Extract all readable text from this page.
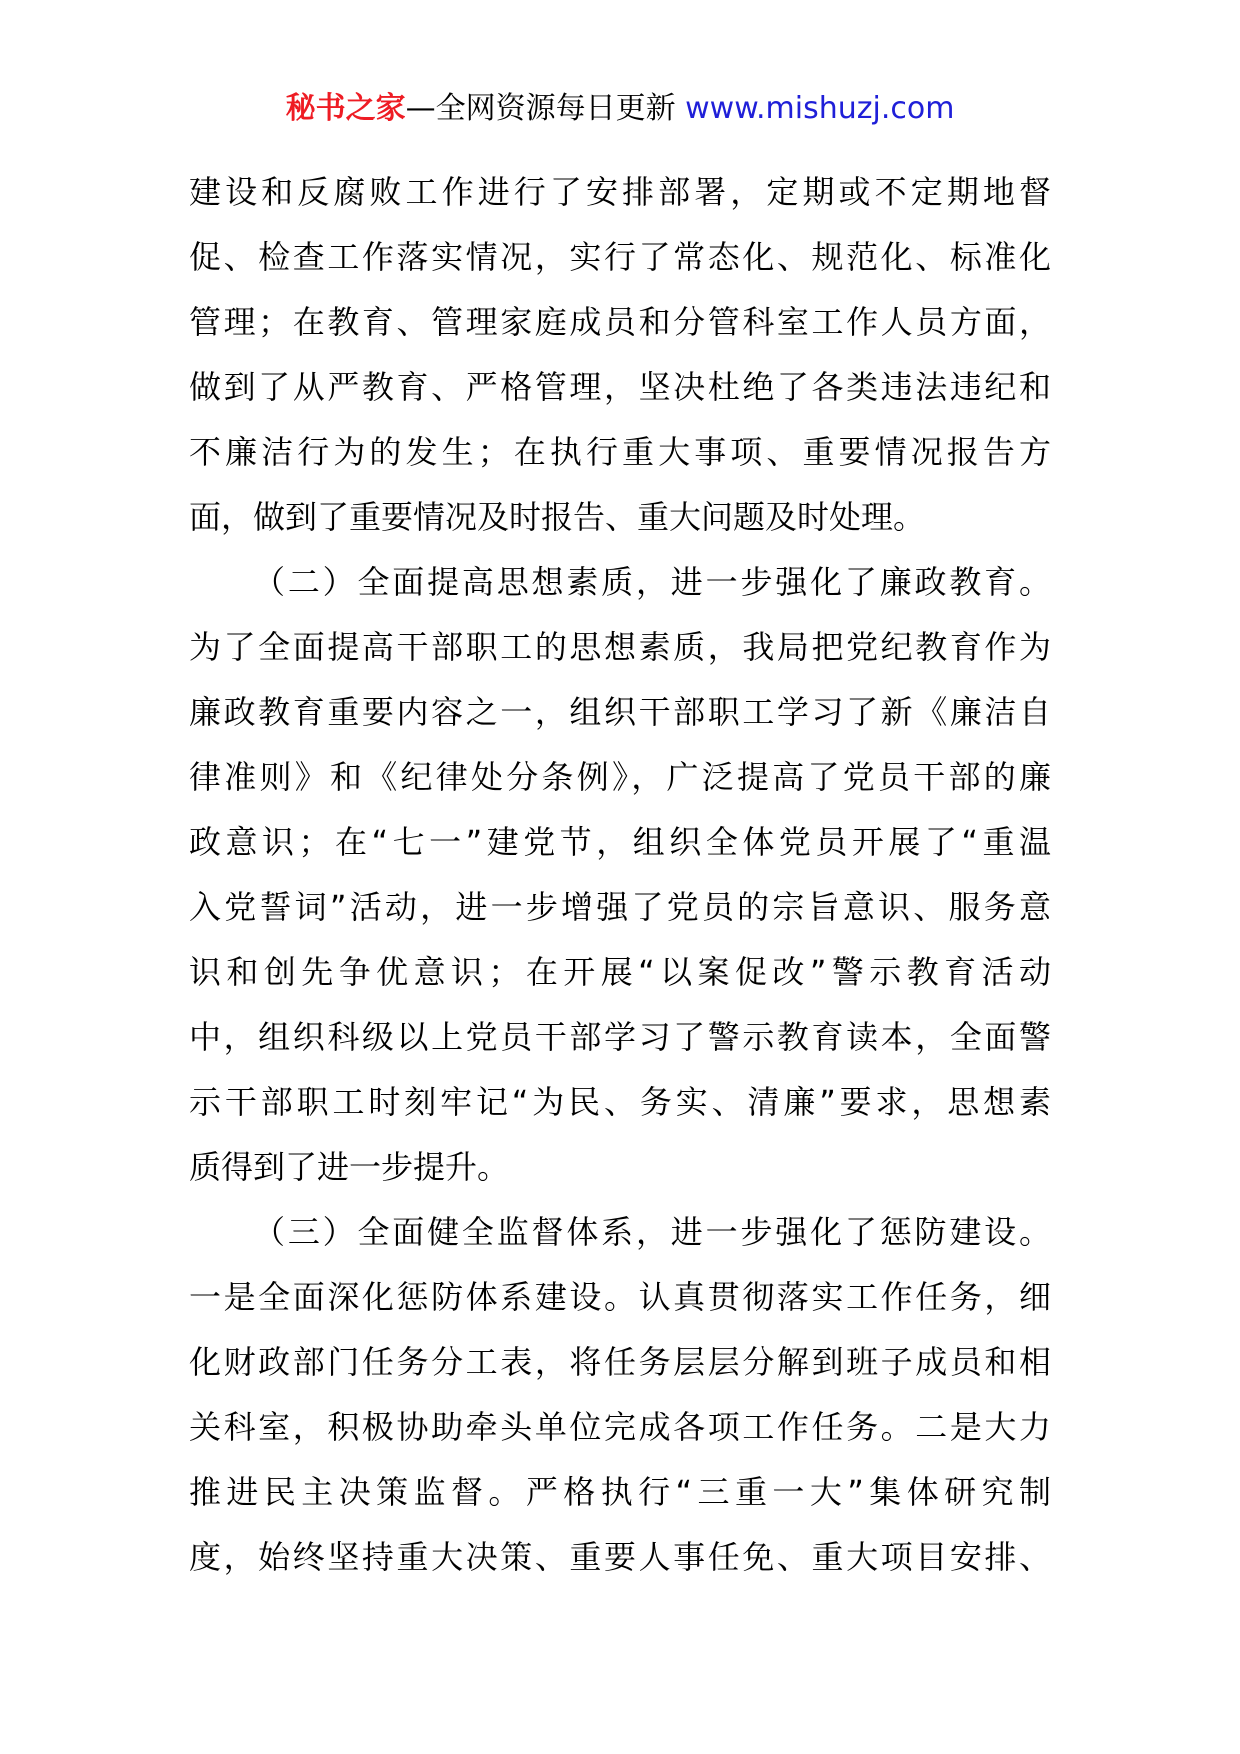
秘书之家—全网资源每日更新 www.mishuzj.com
建设和反腐败工作进行了安排部署，定期或不定期地督
促、检查工作落实情况，实行了常态化、规范化、标准化
管理；在教育、管理家庭成员和分管科室工作人员方面，
做到了从严教育、严格管理，坚决杜绝了各类违法违纪和
不廉洁行为的发生；在执行重大事项、重要情况报告方
面，做到了重要情况及时报告、重大问题及时处理。
（二）全面提高思想素质，进一步强化了廉政教育。
为了全面提高干部职工的思想素质，我局把党纪教育作为
廉政教育重要内容之一，组织干部职工学习了新《廉洁自
律准则》和《纪律处分条例》，广泛提高了党员干部的廉
政意识；在“七一”建党节，组织全体党员开展了“重温
入党誓词”活动，进一步增强了党员的宗旨意识、服务意
识和创先争优意识；在开展“以案促改”警示教育活动
中，组织科级以上党员干部学习了警示教育读本，全面警
示干部职工时刻牢记“为民、务实、清廉”要求，思想素
质得到了进一步提升。
（三）全面健全监督体系，进一步强化了惩防建设。
一是全面深化惩防体系建设。认真贯彻落实工作任务，细
化财政部门任务分工表，将任务层层分解到班子成员和相
关科室，积极协助牵头单位完成各项工作任务。二是大力
推进民主决策监督。严格执行“三重一大”集体研究制
度，始终坚持重大决策、重要人事任免、重大项目安排、
